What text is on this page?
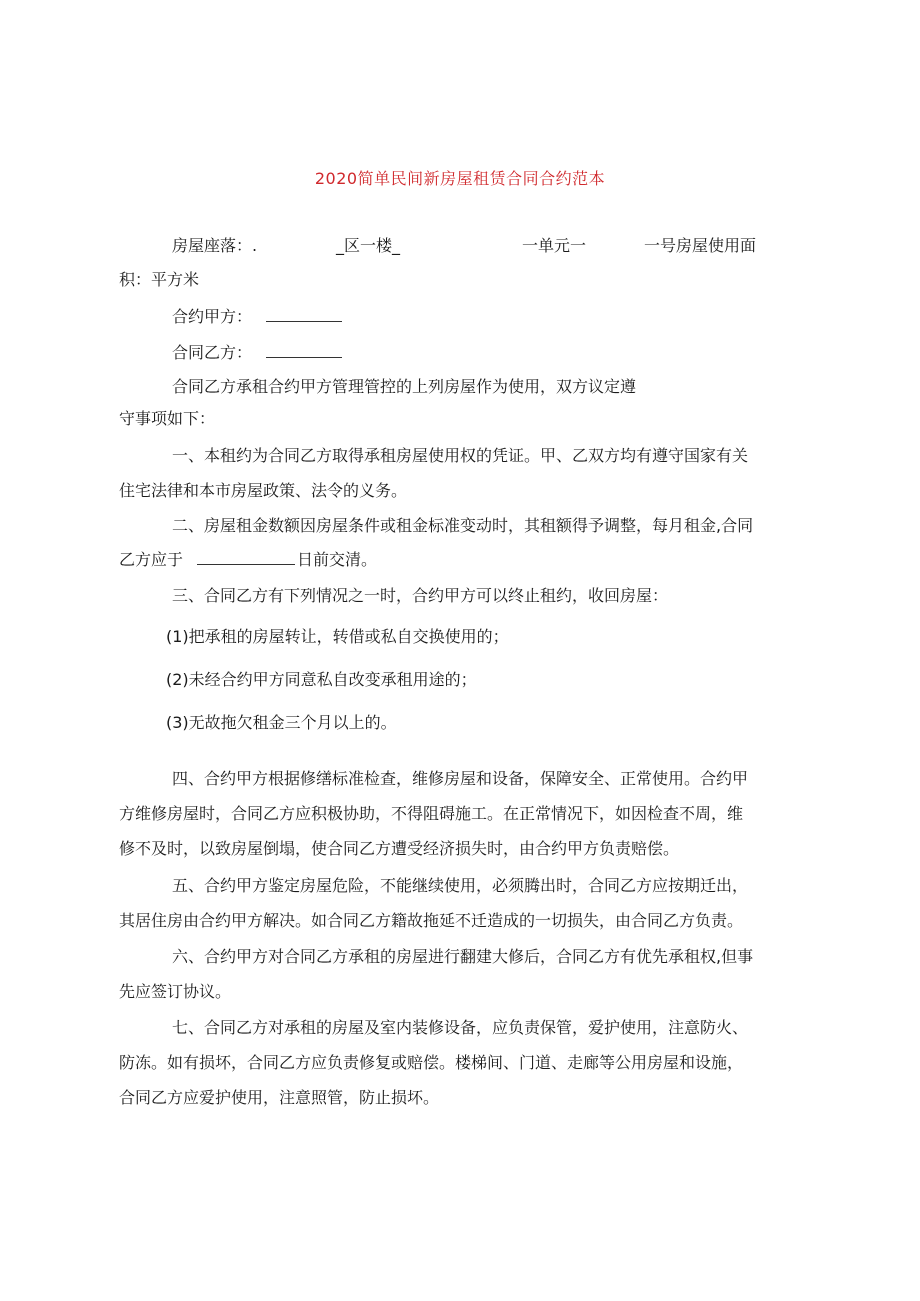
2020简单民间新房屋租赁合同合约范本
房屋座落：.	_区一楼_	一单元一	一号房屋使用面
积：平方米
合约甲方：
合同乙方：
合同乙方承租合约甲方管理管控的上列房屋作为使用，双方议定遵
守事项如下：
一、本租约为合同乙方取得承租房屋使用权的凭证。甲、乙双方均有遵守国家有关
住宅法律和本市房屋政策、法令的义务。
二、房屋租金数额因房屋条件或租金标准变动时，其租额得予调整，每月租金,合同
乙方应于	日前交清。
三、合同乙方有下列情况之一时，合约甲方可以终止租约，收回房屋：
(1)把承租的房屋转让，转借或私自交换使用的；
(2)未经合约甲方同意私自改变承租用途的；
(3)无故拖欠租金三个月以上的。
四、合约甲方根据修缮标准检查，维修房屋和设备，保障安全、正常使用。合约甲
方维修房屋时，合同乙方应积极协助，不得阻碍施工。在正常情况下，如因检查不周，维
修不及时，以致房屋倒塌，使合同乙方遭受经济损失时，由合约甲方负责赔偿。
五、合约甲方鉴定房屋危险，不能继续使用，必须腾出时，合同乙方应按期迁出，
其居住房由合约甲方解决。如合同乙方籍故拖延不迁造成的一切损失，由合同乙方负责。
六、合约甲方对合同乙方承租的房屋进行翻建大修后，合同乙方有优先承租权,但事
先应签订协议。
七、合同乙方对承租的房屋及室内装修设备，应负责保管，爱护使用，注意防火、
防冻。如有损坏，合同乙方应负责修复或赔偿。楼梯间、门道、走廊等公用房屋和设施，
合同乙方应爱护使用，注意照管，防止损坏。
